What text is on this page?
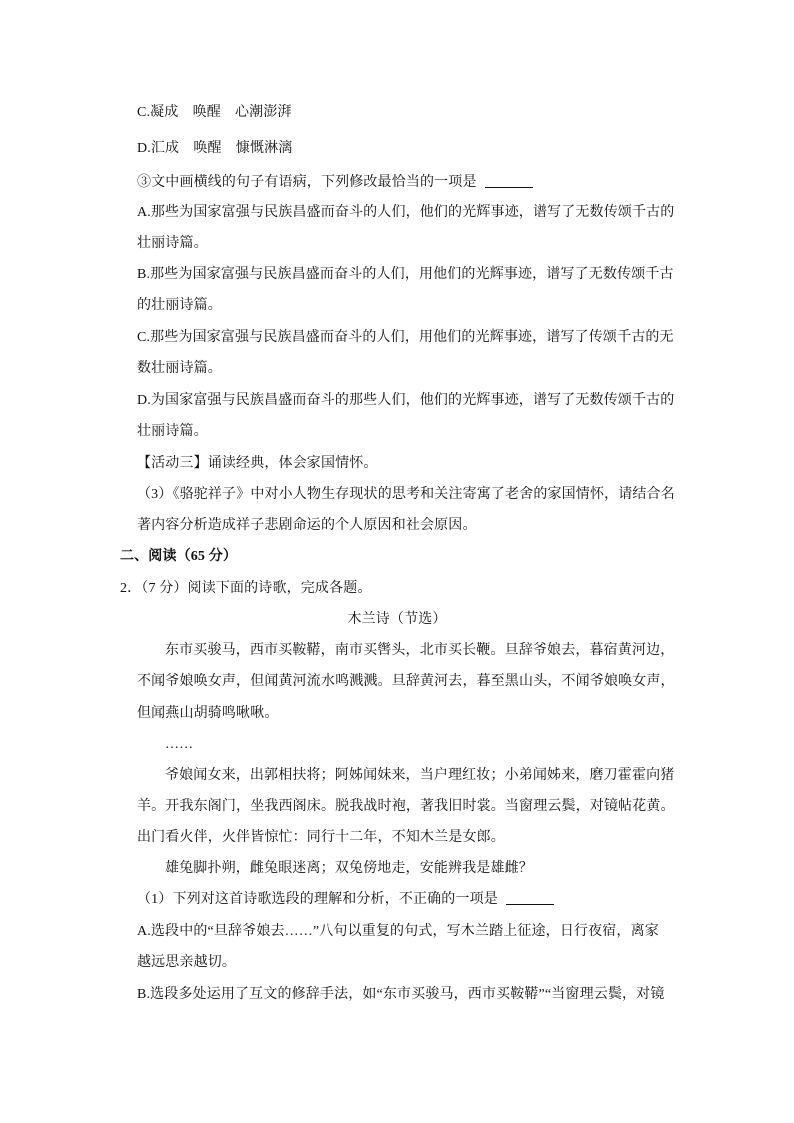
C.凝成　唤醒　心潮澎湃
D.汇成　唤醒　慷慨淋漓
③文中画横线的句子有语病，下列修改最恰当的一项是
A.那些为国家富强与民族昌盛而奋斗的人们，他们的光辉事迹，谱写了无数传颂千古的
壮丽诗篇。
B.那些为国家富强与民族昌盛而奋斗的人们，用他们的光辉事迹，谱写了无数传颂千古
的壮丽诗篇。
C.那些为国家富强与民族昌盛而奋斗的人们，用他们的光辉事迹，谱写了传颂千古的无
数壮丽诗篇。
D.为国家富强与民族昌盛而奋斗的那些人们，他们的光辉事迹，谱写了无数传颂千古的
壮丽诗篇。
【活动三】诵读经典，体会家国情怀。
（3）《骆驼祥子》中对小人物生存现状的思考和关注寄寓了老舍的家国情怀，请结合名
著内容分析造成祥子悲剧命运的个人原因和社会原因。
二、阅读（65 分）
2．（7 分）阅读下面的诗歌，完成各题。
木兰诗（节选）
东市买骏马，西市买鞍鞯，南市买辔头，北市买长鞭。旦辞爷娘去，暮宿黄河边，
不闻爷娘唤女声，但闻黄河流水鸣溅溅。旦辞黄河去，暮至黑山头，不闻爷娘唤女声，
但闻燕山胡骑鸣啾啾。
……
爷娘闻女来，出郭相扶将；阿姊闻妹来，当户理红妆；小弟闻姊来，磨刀霍霍向猪
羊。开我东阁门，坐我西阁床。脱我战时袍，著我旧时裳。当窗理云鬓，对镜帖花黄。
出门看火伴，火伴皆惊忙：同行十二年，不知木兰是女郎。
雄兔脚扑朔，雌兔眼迷离；双兔傍地走，安能辨我是雄雌？
（1）下列对这首诗歌选段的理解和分析，不正确的一项是
A.选段中的“旦辞爷娘去……”八句以重复的句式，写木兰踏上征途，日行夜宿，离家
越远思亲越切。
B.选段多处运用了互文的修辞手法，如“东市买骏马，西市买鞍鞯”“当窗理云鬓，对镜
